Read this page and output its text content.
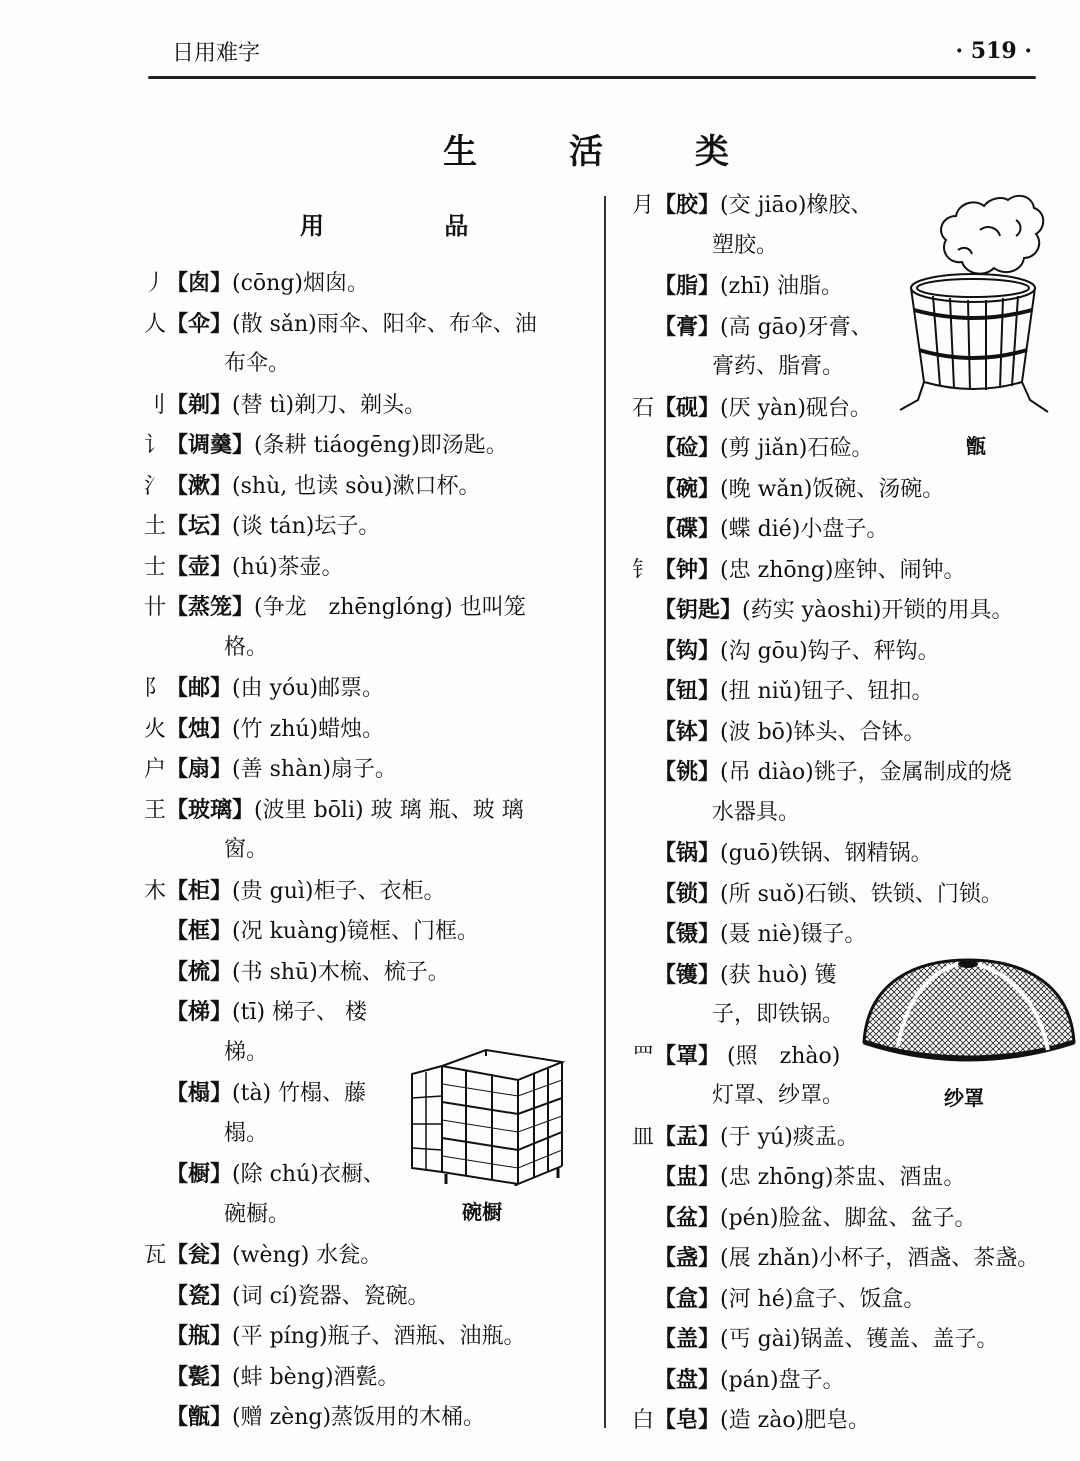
日用难字	· 519 ·
生 活 类
用 品
丿【囱】(cōng)烟囱。
人【伞】(散 sǎn)雨伞、阳伞、布伞、油
布伞。
刂【剃】(替 tì)剃刀、剃头。
讠【调羹】(条耕 tiáogēng)即汤匙。
氵【漱】(shù, 也读 sòu)漱口杯。
土【坛】(谈 tán)坛子。
士【壶】(hú)茶壶。
卄【蒸笼】(争龙　zhēnglóng) 也叫笼
格。
阝【邮】(由 yóu)邮票。
火【烛】(竹 zhú)蜡烛。
户【扇】(善 shàn)扇子。
王【玻璃】(波里 bōli) 玻 璃 瓶、玻 璃
窗。
木【柜】(贵 guì)柜子、衣柜。
【框】(况 kuàng)镜框、门框。
【梳】(书 shū)木梳、梳子。
【梯】(tī) 梯子、 楼
梯。
【榻】(tà) 竹榻、藤
榻。
【橱】(除 chú)衣橱、
碗橱。
瓦【瓮】(wèng) 水瓮。
【瓷】(词 cí)瓷器、瓷碗。
【瓶】(平 píng)瓶子、酒瓶、油瓶。
【甏】(蚌 bèng)酒甏。
【甑】(赠 zèng)蒸饭用的木桶。
月【胶】(交 jiāo)橡胶、
塑胶。
【脂】(zhī) 油脂。
【膏】(高 gāo)牙膏、
膏药、脂膏。
石【砚】(厌 yàn)砚台。
【硷】(剪 jiǎn)石硷。
【碗】(晚 wǎn)饭碗、汤碗。
【碟】(蝶 dié)小盘子。
钅【钟】(忠 zhōng)座钟、闹钟。
【钥匙】(药实 yàoshi)开锁的用具。
【钩】(沟 gōu)钩子、秤钩。
【钮】(扭 niǔ)钮子、钮扣。
【钵】(波 bō)钵头、合钵。
【铫】(吊 diào)铫子，金属制成的烧
水器具。
【锅】(guō)铁锅、钢精锅。
【锁】(所 suǒ)石锁、铁锁、门锁。
【镊】(聂 niè)镊子。
【镬】(获 huò) 镬
子，即铁锅。
罒【罩】 (照　zhào)
灯罩、纱罩。
皿【盂】(于 yú)痰盂。
【盅】(忠 zhōng)茶盅、酒盅。
【盆】(pén)脸盆、脚盆、盆子。
【盏】(展 zhǎn)小杯子，酒盏、茶盏。
【盒】(河 hé)盒子、饭盒。
【盖】(丐 gài)锅盖、镬盖、盖子。
【盘】(pán)盘子。
白【皂】(造 zào)肥皂。
甑
纱罩
碗橱
